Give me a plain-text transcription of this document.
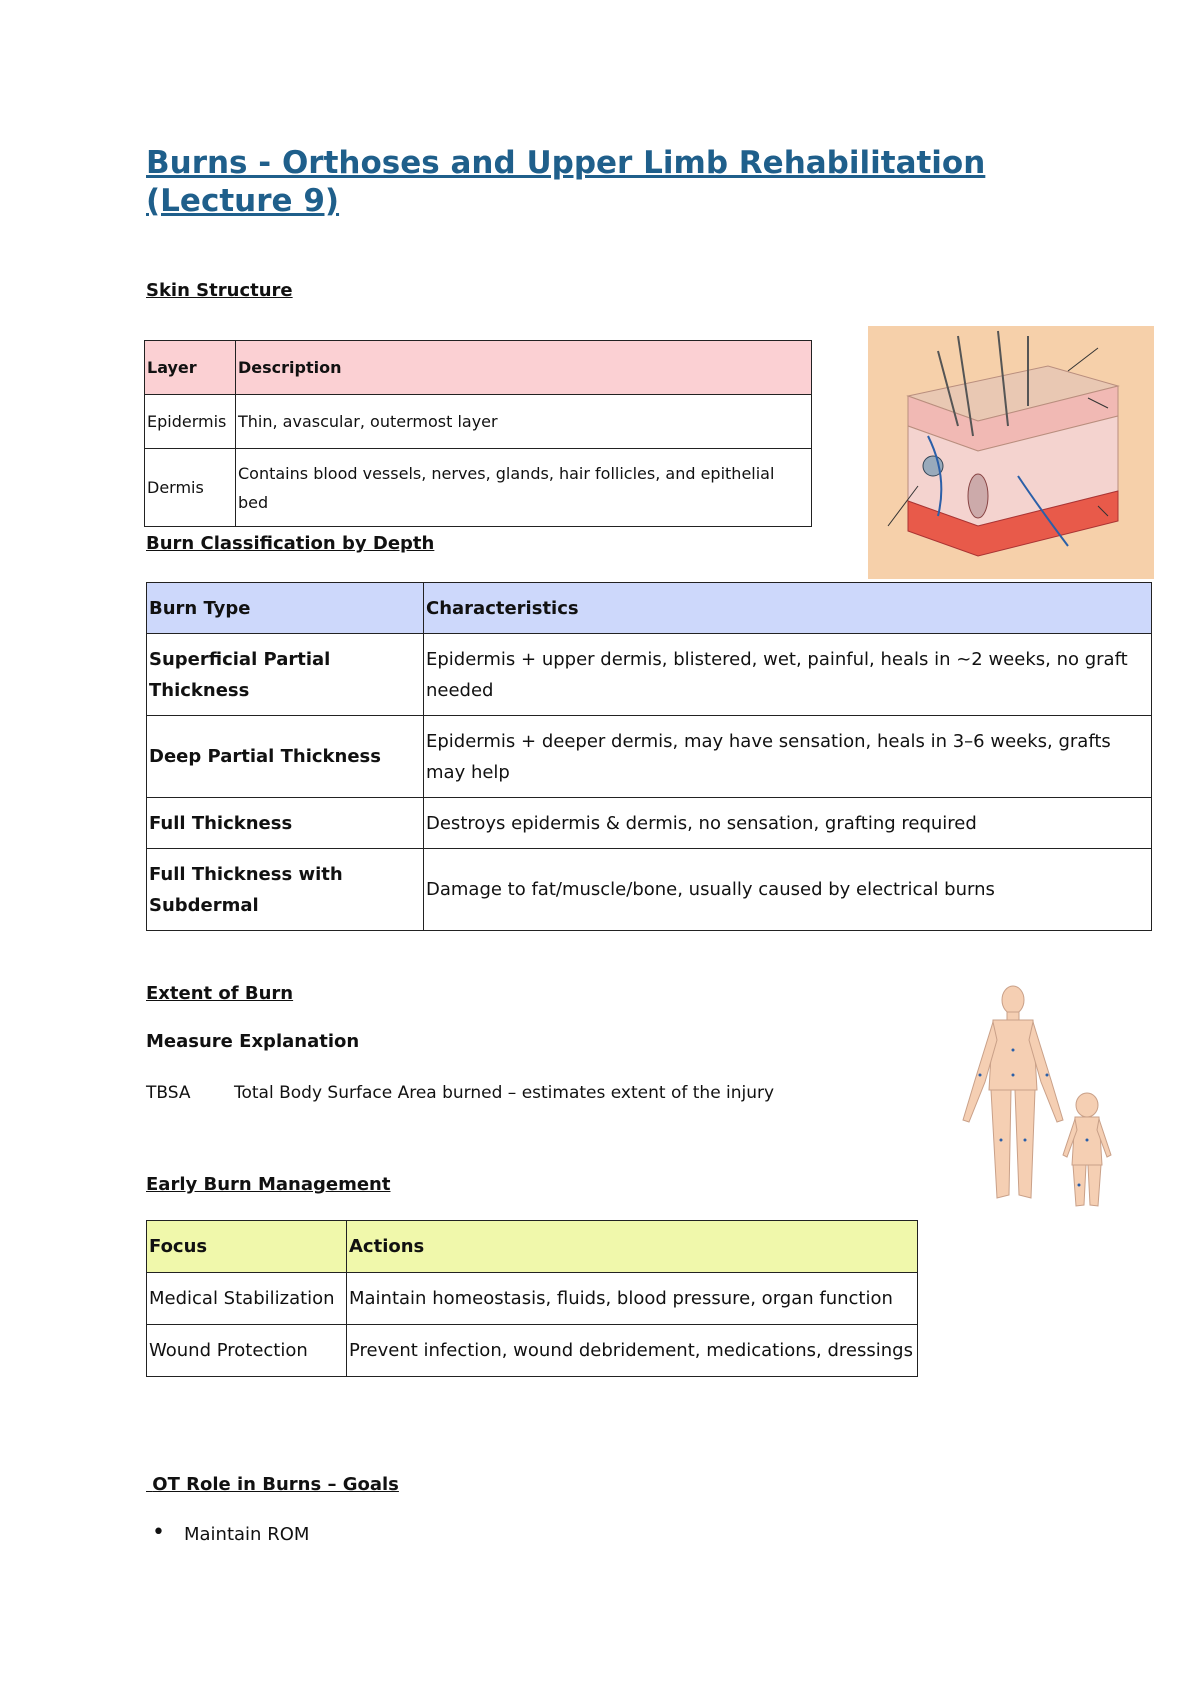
Burns - Orthoses and Upper Limb Rehabilitation (Lecture 9)
Skin Structure
Layer	Description
Epidermis	Thin, avascular, outermost layer
Dermis	Contains blood vessels, nerves, glands, hair follicles, and epithelial bed
Burn Classification by Depth
Burn Type	Characteristics
Superficial Partial Thickness	Epidermis + upper dermis, blistered, wet, painful, heals in ~2 weeks, no graft needed
Deep Partial Thickness	Epidermis + deeper dermis, may have sensation, heals in 3–6 weeks, grafts may help
Full Thickness	Destroys epidermis & dermis, no sensation, grafting required
Full Thickness with Subdermal	Damage to fat/muscle/bone, usually caused by electrical burns
Extent of Burn
Measure Explanation
TBSA	Total Body Surface Area burned – estimates extent of the injury
Early Burn Management
Focus	Actions
Medical Stabilization	Maintain homeostasis, fluids, blood pressure, organ function
Wound Protection	Prevent infection, wound debridement, medications, dressings
OT Role in Burns – Goals
• Maintain ROM
